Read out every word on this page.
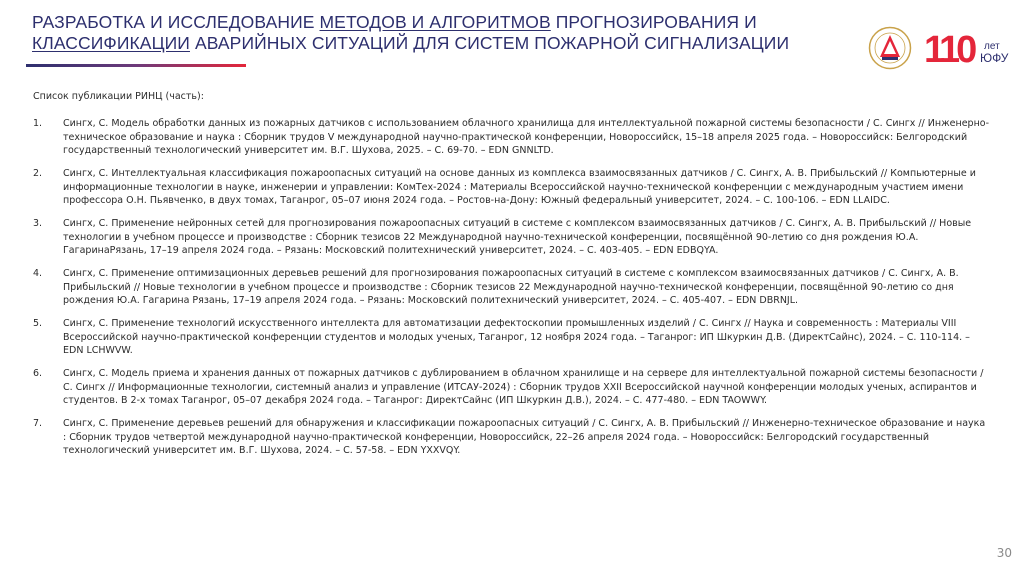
РАЗРАБОТКА И ИССЛЕДОВАНИЕ МЕТОДОВ И АЛГОРИТМОВ ПРОГНОЗИРОВАНИЯ И
КЛАССИФИКАЦИИ АВАРИЙНЫХ СИТУАЦИЙ ДЛЯ СИСТЕМ ПОЖАРНОЙ СИГНАЛИЗАЦИИ	110 лет
ЮФУ
Список публикации РИНЦ (часть):
1.	Сингх, С. Модель обработки данных из пожарных датчиков с использованием облачного хранилища для интеллектуальной пожарной системы безопасности / С. Сингх // Инженерно-техническое образование и наука : Сборник трудов V международной научно-практической конференции, Новороссийск, 15–18 апреля 2025 года. – Новороссийск: Белгородский государственный технологический университет им. В.Г. Шухова, 2025. – С. 69-70. – EDN GNNLTD.
2.	Сингх, С. Интеллектуальная классификация пожароопасных ситуаций на основе данных из комплекса взаимосвязанных датчиков / С. Сингх, А. В. Прибыльский // Компьютерные и информационные технологии в науке, инженерии и управлении: КомТех-2024 : Материалы Всероссийской научно-технической конференции с международным участием имени профессора О.Н. Пьявченко, в двух томах, Таганрог, 05–07 июня 2024 года. – Ростов-на-Дону: Южный федеральный университет, 2024. – С. 100-106. – EDN LLAIDC.
3.	Сингх, С. Применение нейронных сетей для прогнозирования пожароопасных ситуаций в системе с комплексом взаимосвязанных датчиков / С. Сингх, А. В. Прибыльский // Новые технологии в учебном процессе и производстве : Сборник тезисов 22 Международной научно-технической конференции, посвящённой 90-летию со дня рождения Ю.А. ГагаринаРязань, 17–19 апреля 2024 года. – Рязань: Московский политехнический университет, 2024. – С. 403-405. – EDN EDBQYA.
4.	Сингх, С. Применение оптимизационных деревьев решений для прогнозирования пожароопасных ситуаций в системе с комплексом взаимосвязанных датчиков / С. Сингх, А. В. Прибыльский // Новые технологии в учебном процессе и производстве : Сборник тезисов 22 Международной научно-технической конференции, посвящённой 90-летию со дня рождения Ю.А. Гагарина Рязань, 17–19 апреля 2024 года. – Рязань: Московский политехнический университет, 2024. – С. 405-407. – EDN DBRNJL.
5.	Сингх, С. Применение технологий искусственного интеллекта для автоматизации дефектоскопии промышленных изделий / С. Сингх // Наука и современность : Материалы VIII Всероссийской научно-практической конференции студентов и молодых ученых, Таганрог, 12 ноября 2024 года. – Таганрог: ИП Шкуркин Д.В. (ДиректСайнс), 2024. – С. 110-114. – EDN LCHWVW.
6.	Сингх, С. Модель приема и хранения данных от пожарных датчиков с дублированием в облачном хранилище и на сервере для интеллектуальной пожарной системы безопасности / С. Сингх // Информационные технологии, системный анализ и управление (ИТСАУ-2024) : Сборник трудов XXII Всероссийской научной конференции молодых ученых, аспирантов и студентов. В 2-х томах Таганрог, 05–07 декабря 2024 года. – Таганрог: ДиректСайнс (ИП Шкуркин Д.В.), 2024. – С. 477-480. – EDN TAOWWY.
7.	Сингх, С. Применение деревьев решений для обнаружения и классификации пожароопасных ситуаций / С. Сингх, А. В. Прибыльский // Инженерно-техническое образование и наука : Сборник трудов четвертой международной научно-практической конференции, Новороссийск, 22–26 апреля 2024 года. – Новороссийск: Белгородский государственный технологический университет им. В.Г. Шухова, 2024. – С. 57-58. – EDN YXXVQY.
30
